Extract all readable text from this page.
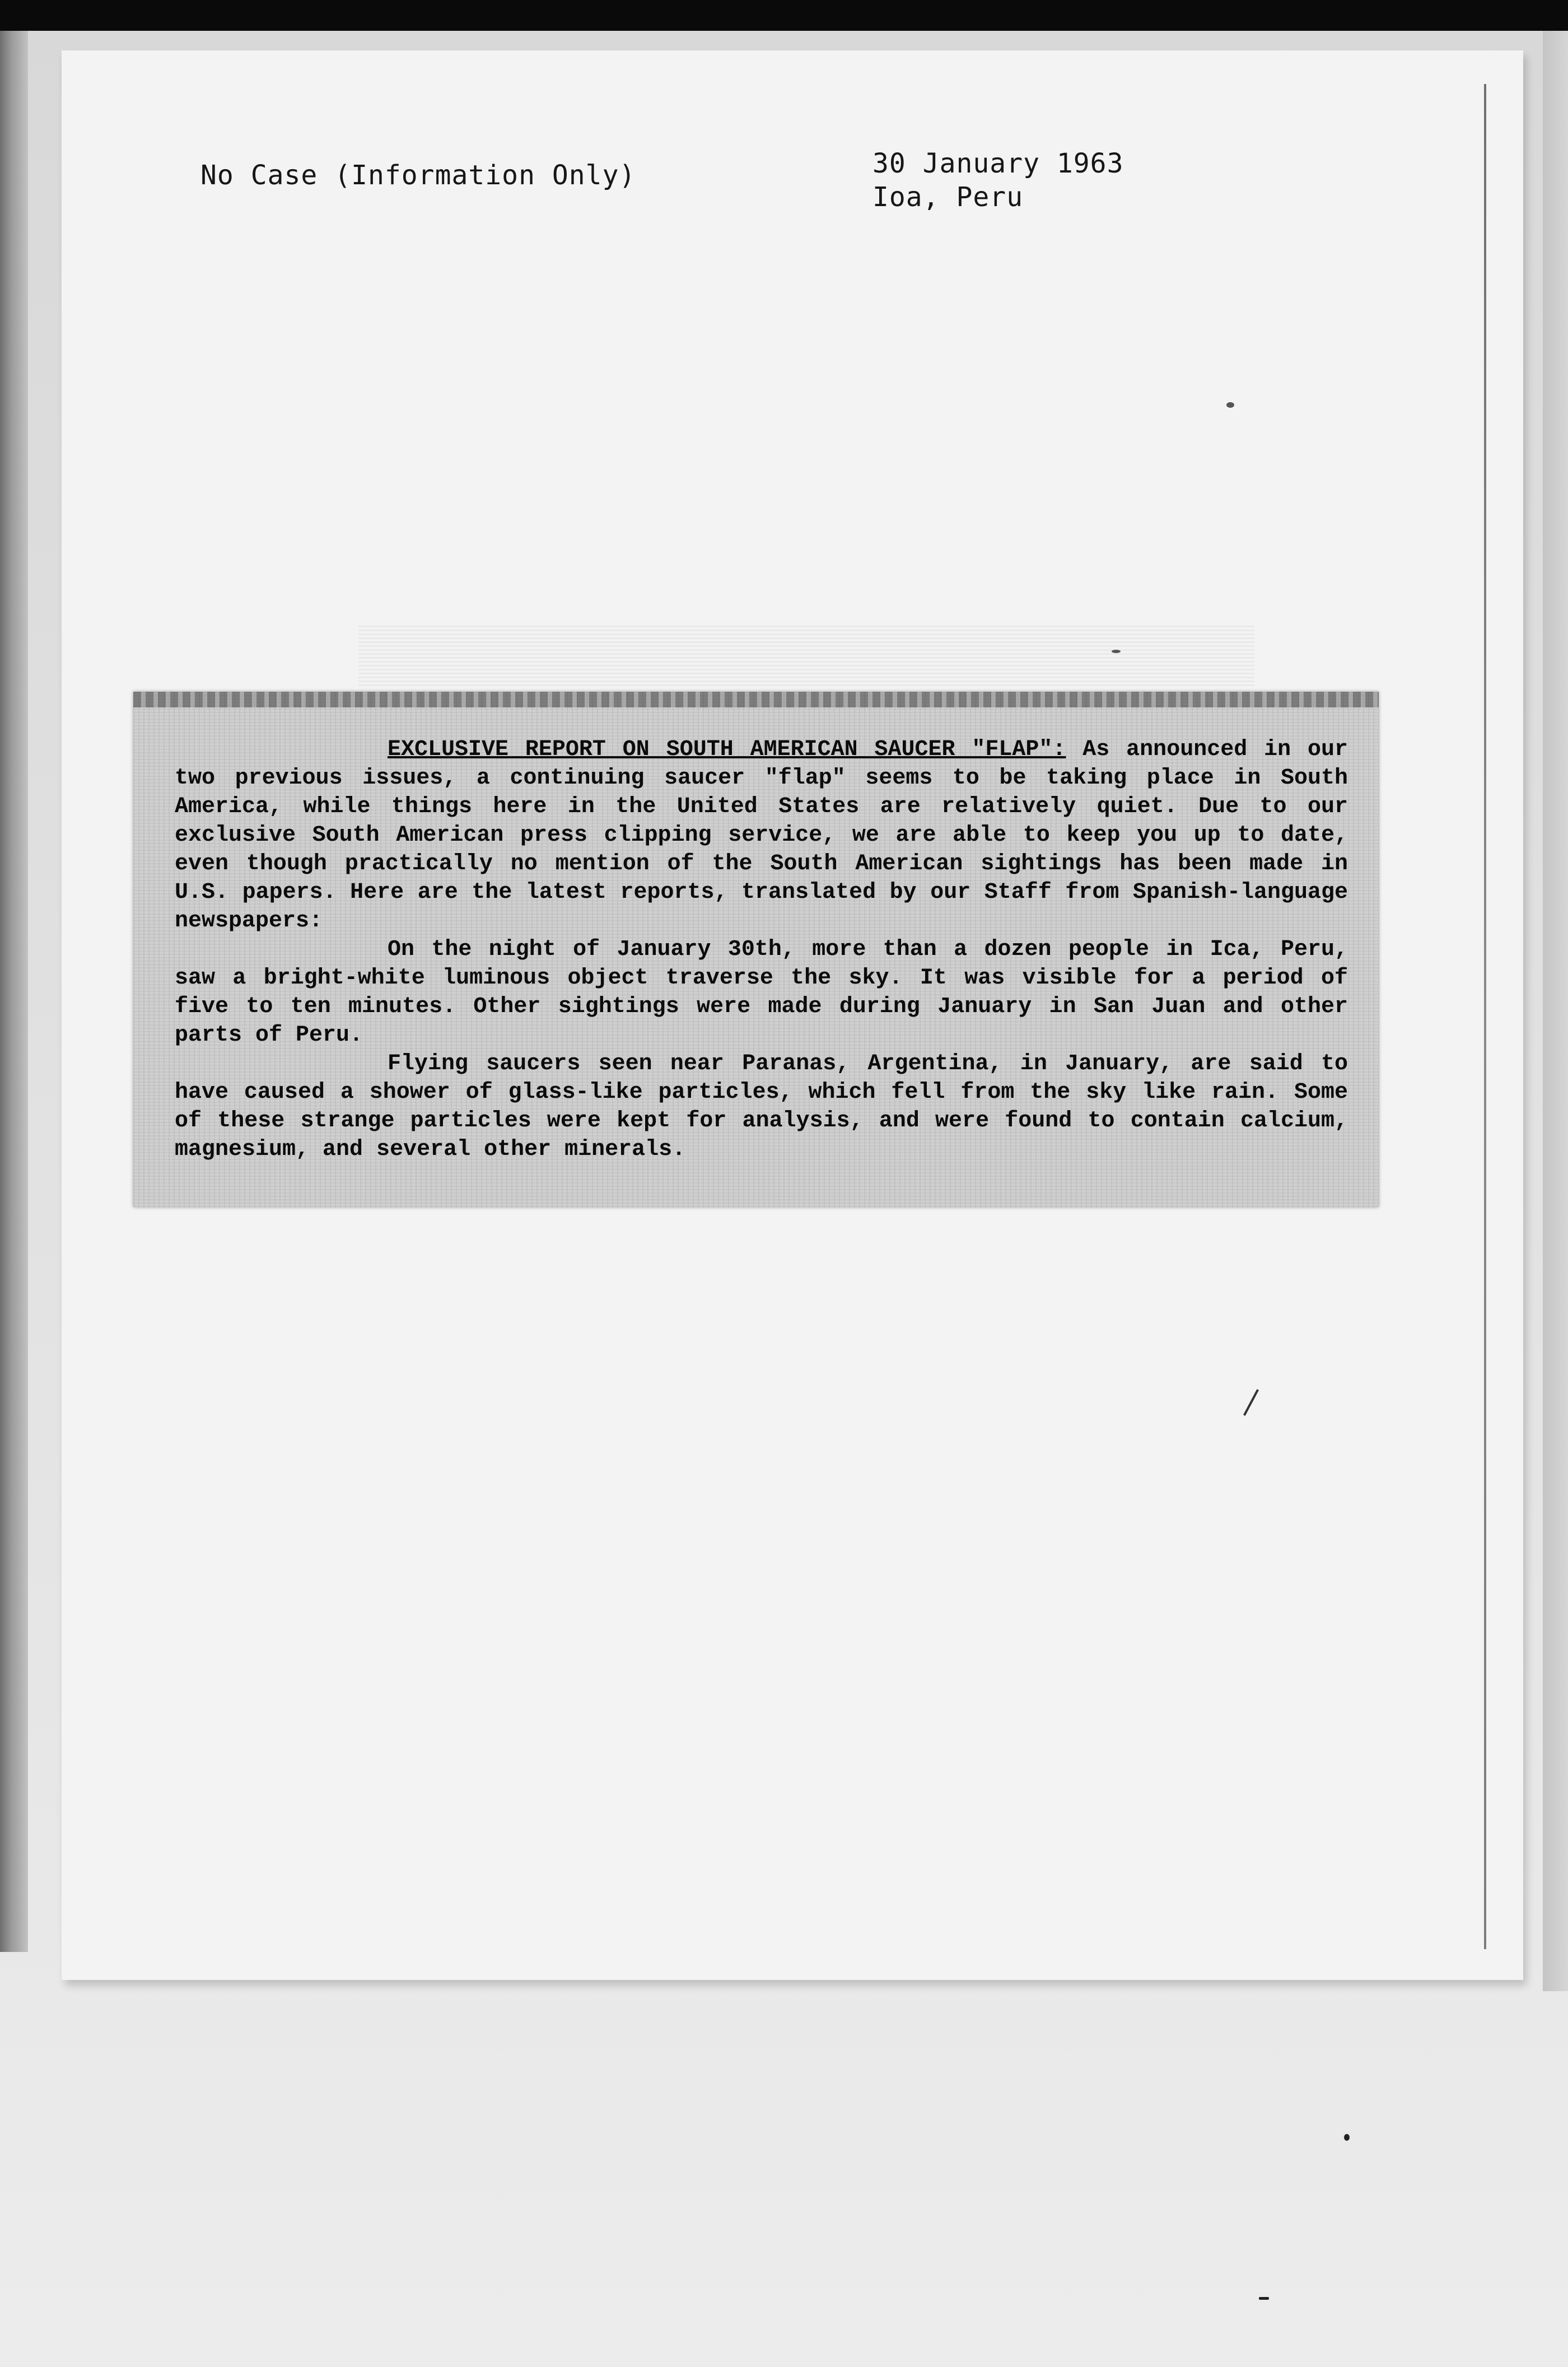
No Case (Information Only)	30 January 1963
Ioa, Peru

EXCLUSIVE REPORT ON SOUTH AMERICAN SAUCER "FLAP": As announced in our two previous issues, a continuing saucer "flap" seems to be taking place in South America, while things here in the United States are relatively quiet. Due to our exclusive South American press clipping service, we are able to keep you up to date, even though practically no mention of the South American sightings has been made in U.S. papers. Here are the latest reports, translated by our Staff from Spanish-language newspapers:

On the night of January 30th, more than a dozen people in Ica, Peru, saw a bright-white luminous object traverse the sky. It was visible for a period of five to ten minutes. Other sightings were made during January in San Juan and other parts of Peru.

Flying saucers seen near Paranas, Argentina, in January, are said to have caused a shower of glass-like particles, which fell from the sky like rain. Some of these strange particles were kept for analysis, and were found to contain calcium, magnesium, and several other minerals.
